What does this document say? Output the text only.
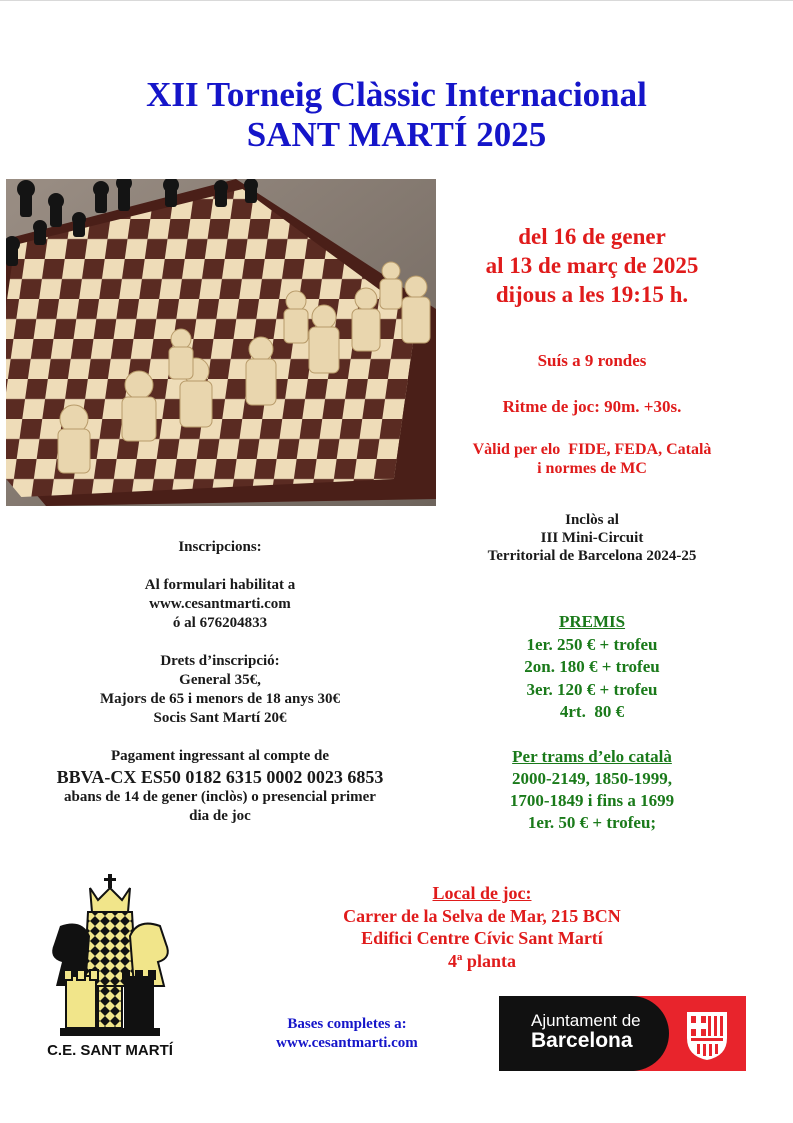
XII Torneig Clàssic Internacional
SANT MARTÍ 2025
del 16 de gener
al 13 de març de 2025
dijous a les 19:15 h.
Suís a 9 rondes
Ritme de joc: 90m. +30s.
Vàlid per elo  FIDE, FEDA, Català
i normes de MC
Inclòs al
III Mini-Circuit
Territorial de Barcelona 2024-25
PREMIS
1er. 250 € + trofeu
2on. 180 € + trofeu
3er. 120 € + trofeu
4rt.  80 €
Per trams d’elo català
2000-2149, 1850-1999,
1700-1849 i fins a 1699
1er. 50 € + trofeu;
Inscripcions:
Al formulari habilitat a
www.cesantmarti.com
ó al 676204833
Drets d’inscripció:
General 35€,
Majors de 65 i menors de 18 anys 30€
Socis Sant Martí 20€
Pagament ingressant al compte de
BBVA-CX ES50 0182 6315 0002 0023 6853
abans de 14 de gener (inclòs) o presencial primer
dia de joc
Local de joc:
Carrer de la Selva de Mar, 215 BCN
Edifici Centre Cívic Sant Martí
4ª planta
Bases completes a:
www.cesantmarti.com
C.E. SANT MARTÍ
Ajuntament de
Barcelona
